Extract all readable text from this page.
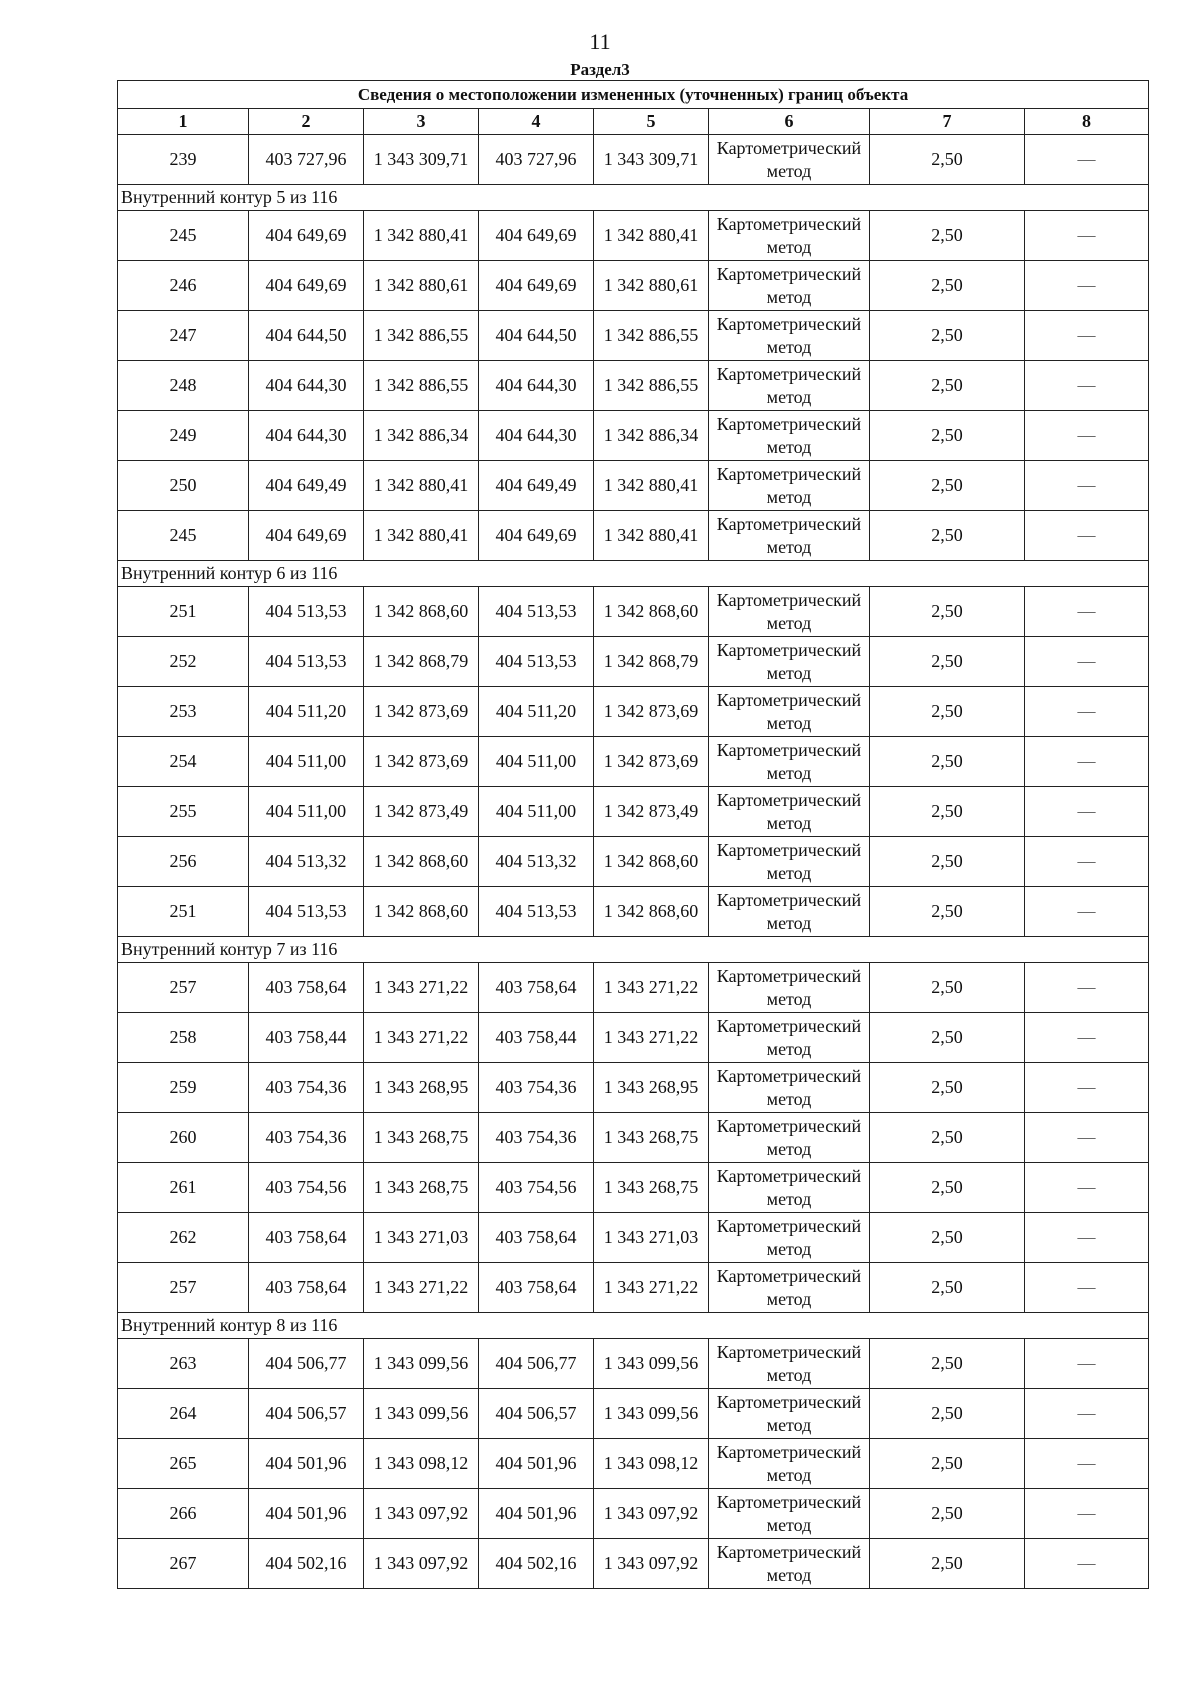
11
Раздел3
Сведения о местоположении измененных (уточненных) границ объекта							
1	2	3	4	5	6	7	8
239	403 727,96	1 343 309,71	403 727,96	1 343 309,71	Картометрический метод	2,50	—
Внутренний контур 5 из 116							
245	404 649,69	1 342 880,41	404 649,69	1 342 880,41	Картометрический метод	2,50	—
246	404 649,69	1 342 880,61	404 649,69	1 342 880,61	Картометрический метод	2,50	—
247	404 644,50	1 342 886,55	404 644,50	1 342 886,55	Картометрический метод	2,50	—
248	404 644,30	1 342 886,55	404 644,30	1 342 886,55	Картометрический метод	2,50	—
249	404 644,30	1 342 886,34	404 644,30	1 342 886,34	Картометрический метод	2,50	—
250	404 649,49	1 342 880,41	404 649,49	1 342 880,41	Картометрический метод	2,50	—
245	404 649,69	1 342 880,41	404 649,69	1 342 880,41	Картометрический метод	2,50	—
Внутренний контур 6 из 116							
251	404 513,53	1 342 868,60	404 513,53	1 342 868,60	Картометрический метод	2,50	—
252	404 513,53	1 342 868,79	404 513,53	1 342 868,79	Картометрический метод	2,50	—
253	404 511,20	1 342 873,69	404 511,20	1 342 873,69	Картометрический метод	2,50	—
254	404 511,00	1 342 873,69	404 511,00	1 342 873,69	Картометрический метод	2,50	—
255	404 511,00	1 342 873,49	404 511,00	1 342 873,49	Картометрический метод	2,50	—
256	404 513,32	1 342 868,60	404 513,32	1 342 868,60	Картометрический метод	2,50	—
251	404 513,53	1 342 868,60	404 513,53	1 342 868,60	Картометрический метод	2,50	—
Внутренний контур 7 из 116							
257	403 758,64	1 343 271,22	403 758,64	1 343 271,22	Картометрический метод	2,50	—
258	403 758,44	1 343 271,22	403 758,44	1 343 271,22	Картометрический метод	2,50	—
259	403 754,36	1 343 268,95	403 754,36	1 343 268,95	Картометрический метод	2,50	—
260	403 754,36	1 343 268,75	403 754,36	1 343 268,75	Картометрический метод	2,50	—
261	403 754,56	1 343 268,75	403 754,56	1 343 268,75	Картометрический метод	2,50	—
262	403 758,64	1 343 271,03	403 758,64	1 343 271,03	Картометрический метод	2,50	—
257	403 758,64	1 343 271,22	403 758,64	1 343 271,22	Картометрический метод	2,50	—
Внутренний контур 8 из 116							
263	404 506,77	1 343 099,56	404 506,77	1 343 099,56	Картометрический метод	2,50	—
264	404 506,57	1 343 099,56	404 506,57	1 343 099,56	Картометрический метод	2,50	—
265	404 501,96	1 343 098,12	404 501,96	1 343 098,12	Картометрический метод	2,50	—
266	404 501,96	1 343 097,92	404 501,96	1 343 097,92	Картометрический метод	2,50	—
267	404 502,16	1 343 097,92	404 502,16	1 343 097,92	Картометрический метод	2,50	—
